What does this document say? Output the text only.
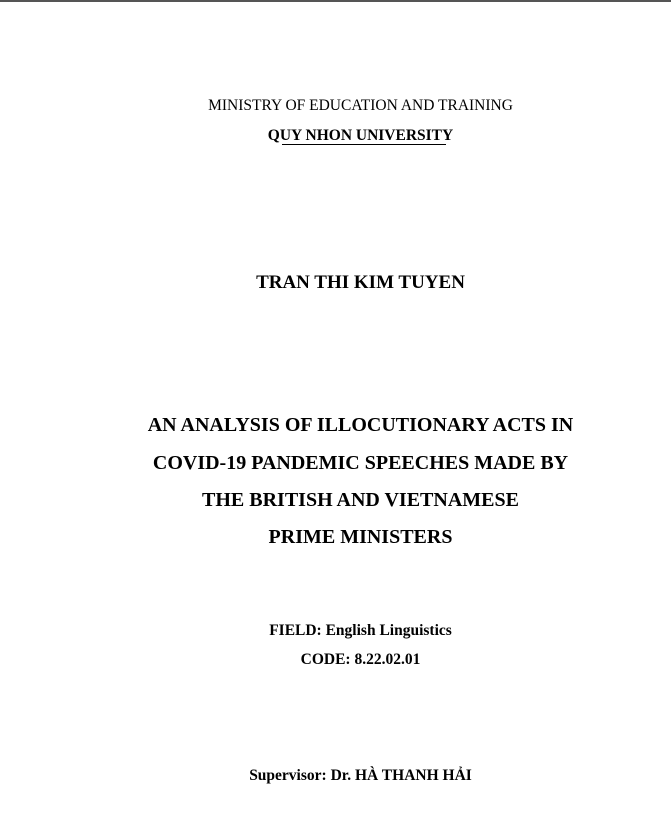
MINISTRY OF EDUCATION AND TRAINING
QUY NHON UNIVERSITY
TRAN THI KIM TUYEN
AN ANALYSIS OF ILLOCUTIONARY ACTS IN
COVID-19 PANDEMIC SPEECHES MADE BY
THE BRITISH AND VIETNAMESE
PRIME MINISTERS
FIELD: English Linguistics
CODE: 8.22.02.01
Supervisor: Dr. HÀ THANH HẢI
